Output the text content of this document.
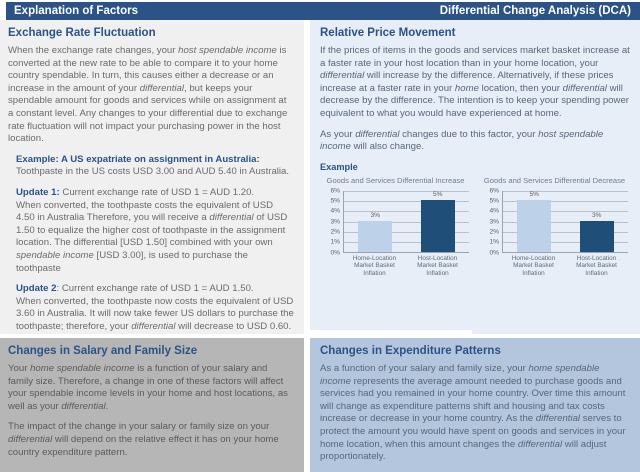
Explanation of Factors	Differential Change Analysis (DCA)
Exchange Rate Fluctuation

When the exchange rate changes, your host spendable income is converted at the new rate to be able to compare it to your home country spendable. In turn, this causes either a decrease or an increase in the amount of your differential, but keeps your spendable amount for goods and services while on assignment at a constant level. Any changes to your differential due to exchange rate fluctuation will not impact your purchasing power in the host location.

Example: A US expatriate on assignment in Australia: Toothpaste in the US costs USD 3.00 and AUD 5.40 in Australia.

Update 1: Current exchange rate of USD 1 = AUD 1.20.
When converted, the toothpaste costs the equivalent of USD 4.50 in Australia Therefore, you will receive a differential of USD 1.50 to equalize the higher cost of toothpaste in the assignment location. The differential [USD 1.50] combined with your own spendable income [USD 3.00], is used to purchase the toothpaste

Update 2: Current exchange rate of USD 1 = AUD 1.50.
When converted, the toothpaste now costs the equivalent of USD 3.60 in Australia. It will now take fewer US dollars to purchase the toothpaste; therefore, your differential will decrease to USD 0.60.

Relative Price Movement

If the prices of items in the goods and services market basket increase at a faster rate in your host location than in your home location, your differential will increase by the difference. Alternatively, if these prices increase at a faster rate in your home location, then your differential will decrease by the difference. The intention is to keep your spending power equivalent to what you would have experienced at home.

As your differential changes due to this factor, your host spendable income will also change.

Example
Goods and Services Differential Increase
6%
5%
4%
3%
2%
1%
0%
3%
5%
Home-Location Market Basket Inflation
Host-Location Market Basket Inflation
Goods and Services Differential Decrease
6%
5%
4%
3%
2%
1%
0%
5%
3%
Home-Location Market Basket Inflation
Host-Location Market Basket Inflation
Changes in Salary and Family Size

Your home spendable income is a function of your salary and family size. Therefore, a change in one of these factors will affect your spendable income levels in your home and host locations, as well as your differential.

The impact of the change in your salary or family size on your differential will depend on the relative effect it has on your home country expenditure pattern.

Changes in Expenditure Patterns

As a function of your salary and family size, your home spendable income represents the average amount needed to purchase goods and services had you remained in your home country. Over time this amount will change as expenditure patterns shift and housing and tax costs increase or decrease in your home country. As the differential serves to protect the amount you would have spent on goods and services in your home location, when this amount changes the differential will adjust proportionately.
